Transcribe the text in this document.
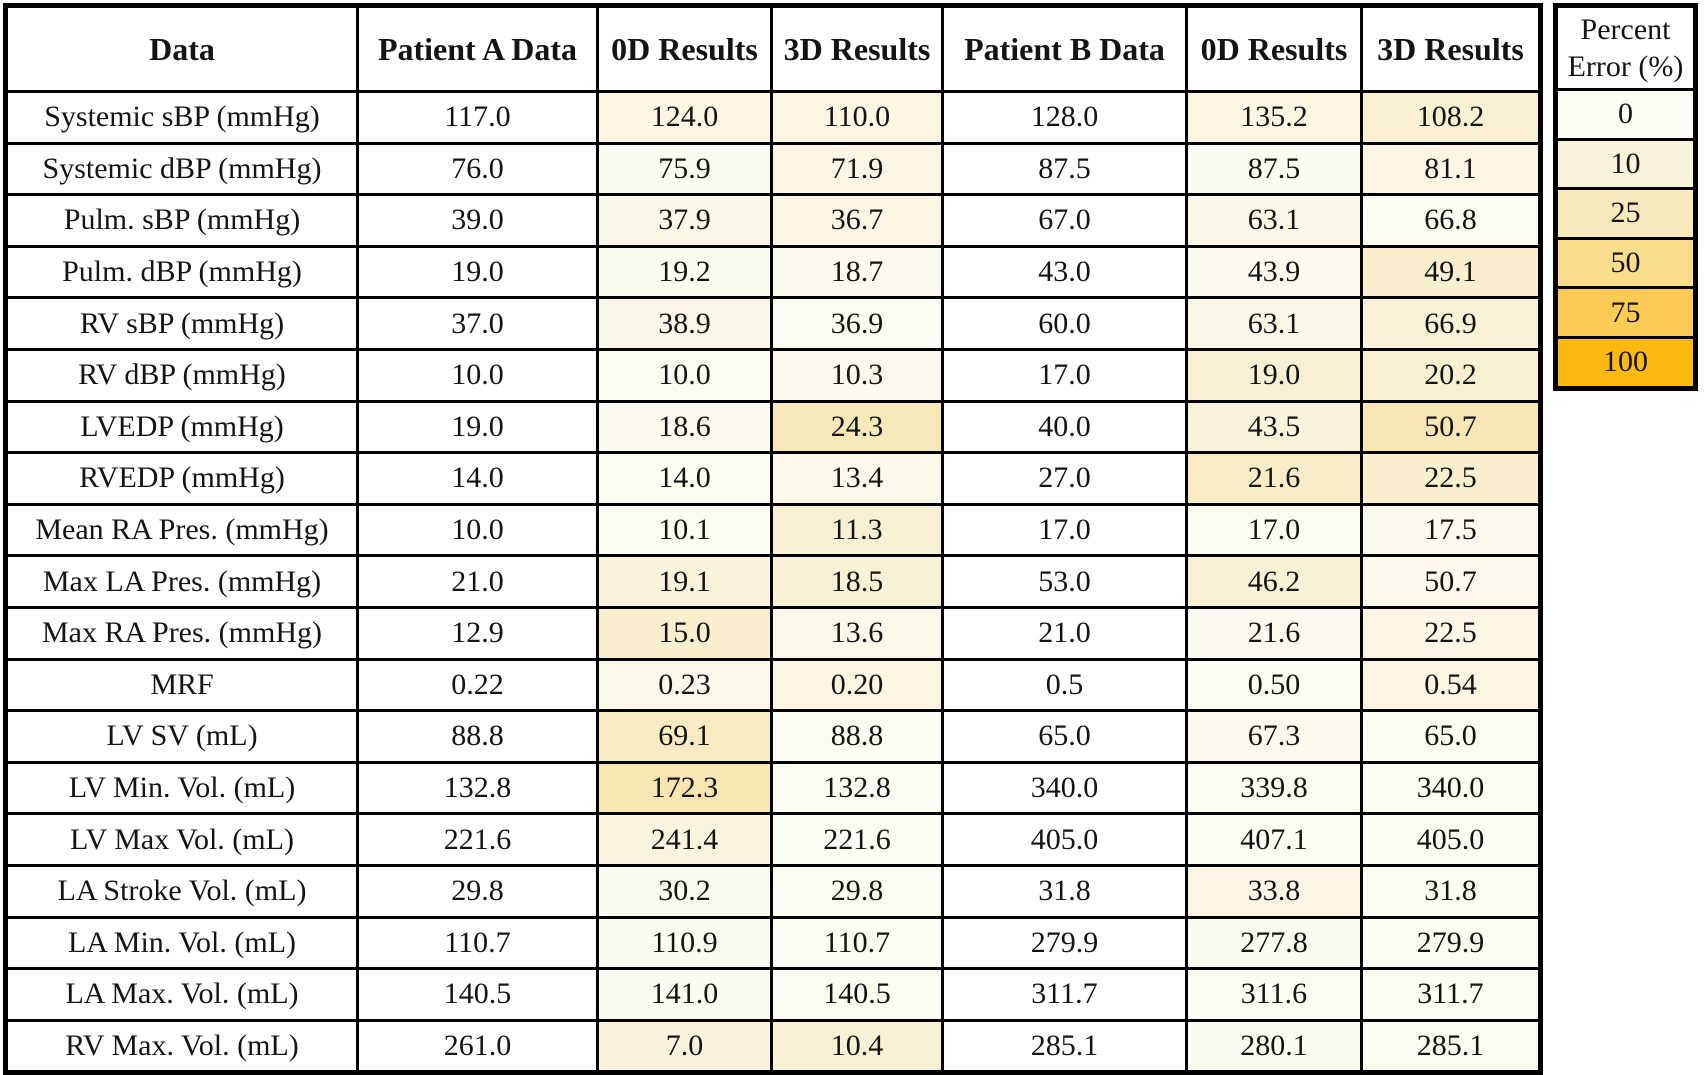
Data	Patient A Data	0D Results	3D Results	Patient B Data	0D Results	3D Results
Systemic sBP (mmHg)	117.0	124.0	110.0	128.0	135.2	108.2
Systemic dBP (mmHg)	76.0	75.9	71.9	87.5	87.5	81.1
Pulm. sBP (mmHg)	39.0	37.9	36.7	67.0	63.1	66.8
Pulm. dBP (mmHg)	19.0	19.2	18.7	43.0	43.9	49.1
RV sBP (mmHg)	37.0	38.9	36.9	60.0	63.1	66.9
RV dBP (mmHg)	10.0	10.0	10.3	17.0	19.0	20.2
LVEDP (mmHg)	19.0	18.6	24.3	40.0	43.5	50.7
RVEDP (mmHg)	14.0	14.0	13.4	27.0	21.6	22.5
Mean RA Pres. (mmHg)	10.0	10.1	11.3	17.0	17.0	17.5
Max LA Pres. (mmHg)	21.0	19.1	18.5	53.0	46.2	50.7
Max RA Pres. (mmHg)	12.9	15.0	13.6	21.0	21.6	22.5
MRF	0.22	0.23	0.20	0.5	0.50	0.54
LV SV (mL)	88.8	69.1	88.8	65.0	67.3	65.0
LV Min. Vol. (mL)	132.8	172.3	132.8	340.0	339.8	340.0
LV Max Vol. (mL)	221.6	241.4	221.6	405.0	407.1	405.0
LA Stroke Vol. (mL)	29.8	30.2	29.8	31.8	33.8	31.8
LA Min. Vol. (mL)	110.7	110.9	110.7	279.9	277.8	279.9
LA Max. Vol. (mL)	140.5	141.0	140.5	311.7	311.6	311.7
RV Max. Vol. (mL)	261.0	7.0	10.4	285.1	280.1	285.1
Percent
Error (%)

0
10
25
50
75
100
